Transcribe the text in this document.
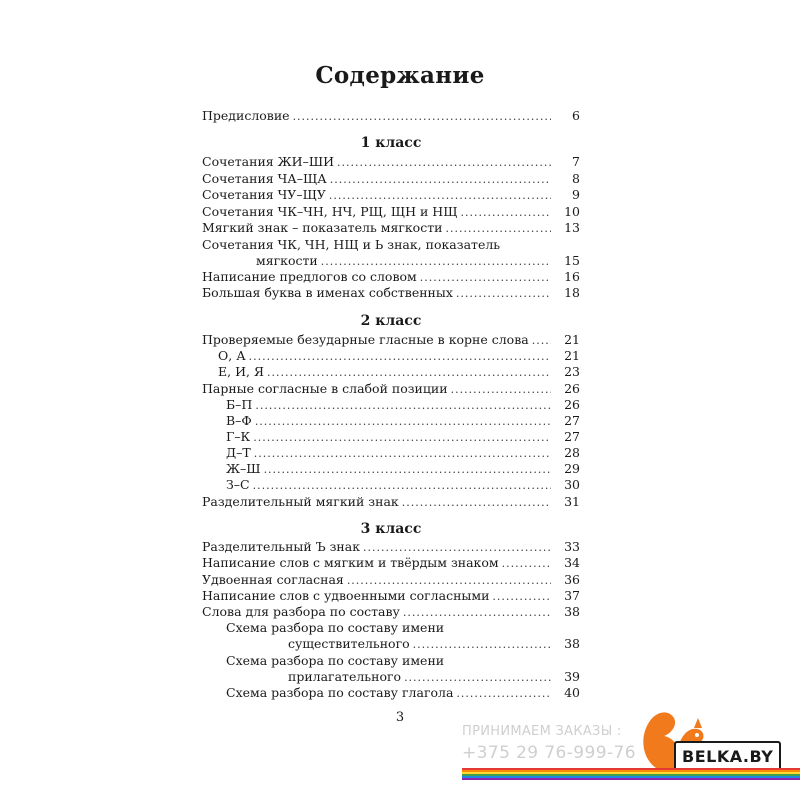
Содержание
Предисловие .....	6
1 класс
Сочетания ЖИ–ШИ .....	7
Сочетания ЧА–ЩА .....	8
Сочетания ЧУ–ЩУ .....	9
Сочетания ЧК–ЧН, НЧ, РЩ, ЩН и НЩ .....	10
Мягкий знак – показатель мягкости .....	13
Сочетания ЧК, ЧН, НЩ и Ь знак, показатель
мягкости .....	15
Написание предлогов со словом .....	16
Большая буква в именах собственных .....	18
2 класс
Проверяемые безударные гласные в корне слова .....	21
О, А .....	21
Е, И, Я .....	23
Парные согласные в слабой позиции .....	26
Б–П .....	26
В–Ф .....	27
Г–К .....	27
Д–Т .....	28
Ж–Ш .....	29
З–С .....	30
Разделительный мягкий знак .....	31
3 класс
Разделительный Ъ знак .....	33
Написание слов с мягким и твёрдым знаком .....	34
Удвоенная согласная .....	36
Написание слов с удвоенными согласными .....	37
Слова для разбора по составу .....	38
Схема разбора по составу имени
существительного .....	38
Схема разбора по составу имени
прилагательного .....	39
Схема разбора по составу глагола .....	40
3
ПРИНИМАЕМ ЗАКАЗЫ :
+375 29 76-999-76	BELKA.BY
